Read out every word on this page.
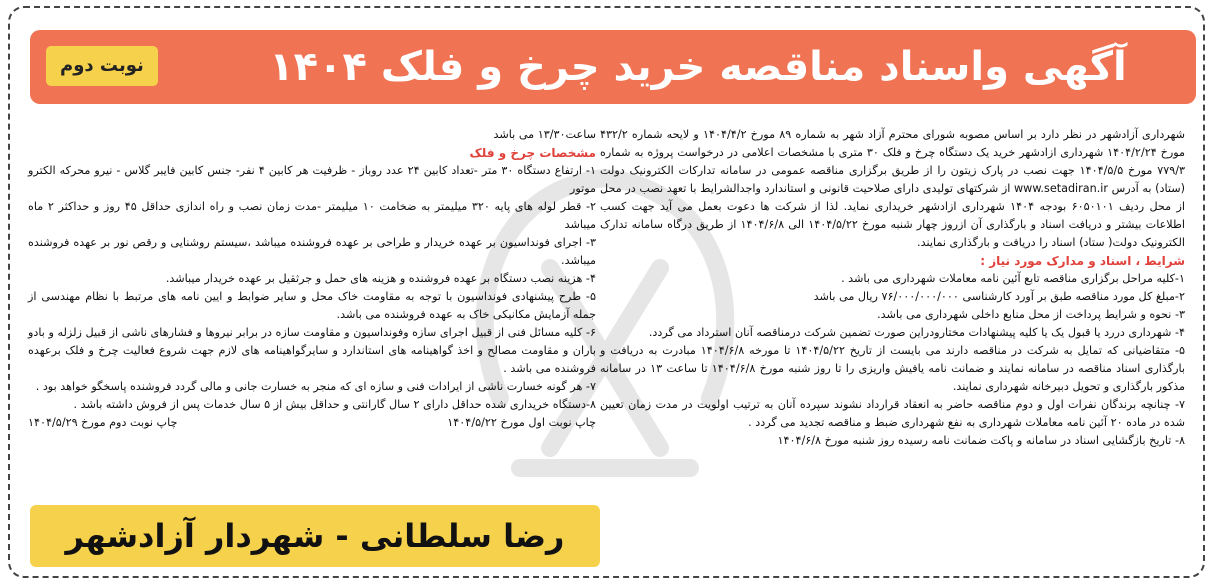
آگهی واسناد مناقصه خرید چرخ و فلک ۱۴۰۴
نوبت دوم

شهرداری آزادشهر در نظر دارد بر اساس مصوبه شورای محترم آزاد شهر به شماره ۸۹ مورخ ۱۴۰۴/۴/۲ و لایحه شماره ۴۳۲/۲ مورخ ۱۴۰۴/۲/۲۴ شهرداری ازادشهر خرید یک دستگاه چرخ و فلک ۳۰ متری با مشخصات اعلامی در درخواست پروژه به شماره ۷۷۹/۳ مورخ ۱۴۰۴/۵/۵ جهت نصب در پارک زیتون را از طریق برگزاری مناقصه عمومی در سامانه تدارکات الکترونیک دولت (ستاد) به آدرس www.setadiran.ir از شرکتهای تولیدی دارای صلاحیت قانونی و استاندارد واجدالشرایط با تعهد نصب در محل از محل ردیف ۶۰۵۰۱۰۱ بودجه ۱۴۰۴ شهرداری ازادشهر خریداری نماید. لذا از شرکت ها دعوت بعمل می آید جهت کسب اطلاعات بیشتر و دریافت اسناد و بارگذاری آن ازروز چهار شنبه مورخ ۱۴۰۴/۵/۲۲ الی ۱۴۰۴/۶/۸ از طریق درگاه سامانه تدارک الکترونیک دولت( ستاد) اسناد را دریافت و بارگذاری نمایند.

شرایط ، اسناد و مدارک مورد نیاز :

۱-کلیه مراحل برگزاری مناقصه تابع آئین نامه معاملات شهرداری می باشد .

۲-مبلغ کل مورد مناقصه طبق بر آورد کارشناسی ۷۶/۰۰۰/۰۰۰/۰۰۰ ریال می باشد

۳- نحوه و شرایط پرداخت از محل منابع داخلی شهرداری می باشد.

۴- شهرداری دررد یا قبول یک یا کلیه پیشنهادات مختارودراین صورت تضمین شرکت درمناقصه آنان استرداد می گردد.

۵- متقاضیانی که تمایل به شرکت در مناقصه دارند می بایست از تاریخ ۱۴۰۴/۵/۲۲ تا مورخه ۱۴۰۴/۶/۸ مبادرت به دریافت و بارگذاری اسناد مناقصه در سامانه نمایند و ضمانت نامه یافیش واریزی را تا روز شنبه مورخ ۱۴۰۴/۶/۸ تا ساعت ۱۳ در سامانه مذکور بارگذاری و تحویل دبیرخانه شهرداری نمایند.

۷- چنانچه برندگان نفرات اول و دوم مناقصه حاضر به انعقاد قرارداد نشوند سپرده آنان به ترتیب اولویت در مدت زمان تعیین شده در ماده ۲۰ آئین نامه معاملات شهرداری به نفع شهرداری ضبط و مناقصه تجدید می گردد .

۸- تاریخ بازگشایی اسناد در سامانه و پاکت ضمانت نامه رسیده روز شنبه مورخ ۱۴۰۴/۶/۸

ساعت۱۳/۳۰ می باشد

مشخصات چرخ و فلک

۱- ارتفاع دستگاه ۳۰ متر -تعداد کابین ۲۴ عدد روباز - ظرفیت هر کابین ۴ نفر- جنس کابین فایبر گلاس - نیرو محرکه الکترو موتور

۲- قطر لوله های پایه ۳۲۰ میلیمتر به ضخامت ۱۰ میلیمتر -مدت زمان نصب و راه اندازی حداقل ۴۵ روز و حداکثر ۲ ماه میباشد

۳- اجرای فونداسیون بر عهده خریدار و طراحی بر عهده فروشنده میباشد ،سیستم روشنایی و رقص نور بر عهده فروشنده میباشد.

۴- هزینه نصب دستگاه بر عهده فروشنده و هزینه های حمل و جرثقیل بر عهده خریدار میباشد.

۵- طرح پیشنهادی فونداسیون با توجه به مقاومت خاک محل و سایر ضوابط و ایین نامه های مرتبط با نظام مهندسی از جمله آزمایش مکانیکی خاک به عهده فروشنده می باشد.

۶- کلیه مسائل فنی از قبیل اجرای سازه وفونداسیون و مقاومت سازه در برابر نیروها و فشارهای ناشی از قبیل زلزله و بادو باران و مقاومت مصالح و اخذ گواهینامه های استاندارد و سایرگواهینامه های لازم جهت شروع فعالیت چرخ و فلک برعهده فروشنده می باشد .

۷- هر گونه خسارت ناشی از ایرادات فنی و سازه ای که منجر به خسارت جانی و مالی گردد فروشنده پاسخگو خواهد بود .

۸-دستگاه خریداری شده حداقل دارای ۲ سال گارانتی و حداقل بیش از ۵ سال خدمات پس از فروش داشته باشد .

چاپ نوبت اول مورخ ۱۴۰۴/۵/۲۲
چاپ نوبت دوم مورخ ۱۴۰۴/۵/۲۹
رضا سلطانی - شهردار آزادشهر
